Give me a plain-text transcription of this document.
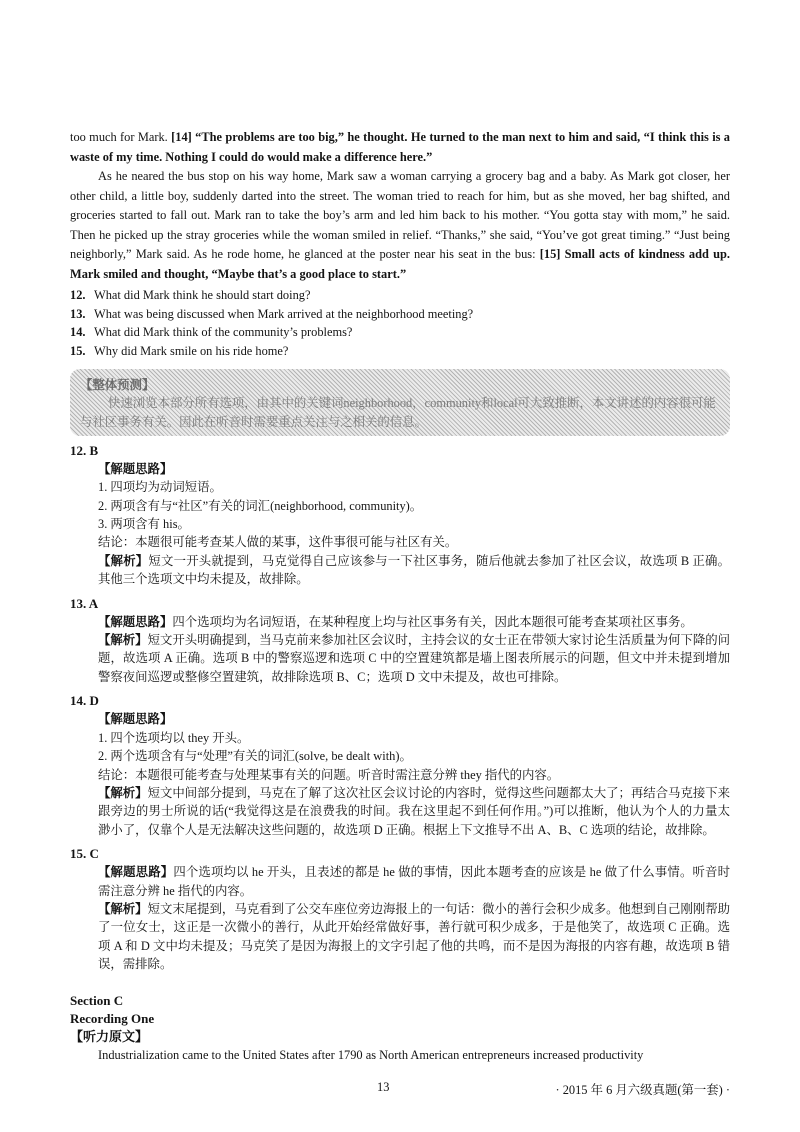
too much for Mark. [14] “The problems are too big,” he thought. He turned to the man next to him and said, “I think this is a waste of my time. Nothing I could do would make a difference here.”

As he neared the bus stop on his way home, Mark saw a woman carrying a grocery bag and a baby. As Mark got closer, her other child, a little boy, suddenly darted into the street. The woman tried to reach for him, but as she moved, her bag shifted, and groceries started to fall out. Mark ran to take the boy’s arm and led him back to his mother. “You gotta stay with mom,” he said. Then he picked up the stray groceries while the woman smiled in relief. “Thanks,” she said, “You’ve got great timing.” “Just being neighborly,” Mark said. As he rode home, he glanced at the poster near his seat in the bus: [15] Small acts of kindness add up. Mark smiled and thought, “Maybe that’s a good place to start.”

12. What did Mark think he should start doing?
13. What was being discussed when Mark arrived at the neighborhood meeting?
14. What did Mark think of the community’s problems?
15. Why did Mark smile on his ride home?
【整体预测】
快速浏览本部分所有选项，由其中的关键词neighborhood，community和local可大致推断，本文讲述的内容很可能与社区事务有关。因此在听音时需要重点关注与之相关的信息。
12. B
【解题思路】
1. 四项均为动词短语。
2. 两项含有与“社区”有关的词汇(neighborhood, community)。
3. 两项含有 his。
结论：本题很可能考查某人做的某事，这件事很可能与社区有关。
【解析】短文一开头就提到，马克觉得自己应该参与一下社区事务，随后他就去参加了社区会议，故选项 B 正确。其他三个选项文中均未提及，故排除。
13. A
【解题思路】四个选项均为名词短语，在某种程度上均与社区事务有关，因此本题很可能考查某项社区事务。
【解析】短文开头明确提到，当马克前来参加社区会议时，主持会议的女士正在带领大家讨论生活质量为何下降的问题，故选项 A 正确。选项 B 中的警察巡逻和选项 C 中的空置建筑都是墙上图表所展示的问题，但文中并未提到增加警察夜间巡逻或整修空置建筑，故排除选项 B、C；选项 D 文中未提及，故也可排除。
14. D
【解题思路】
1. 四个选项均以 they 开头。
2. 两个选项含有与“处理”有关的词汇(solve, be dealt with)。
结论：本题很可能考查与处理某事有关的问题。听音时需注意分辨 they 指代的内容。
【解析】短文中间部分提到，马克在了解了这次社区会议讨论的内容时，觉得这些问题都太大了；再结合马克接下来跟旁边的男士所说的话(“我觉得这是在浪费我的时间。我在这里起不到任何作用。”)可以推断，他认为个人的力量太渺小了，仅靠个人是无法解决这些问题的，故选项 D 正确。根据上下文推导不出 A、B、C 选项的结论，故排除。
15. C
【解题思路】四个选项均以 he 开头，且表述的都是 he 做的事情，因此本题考查的应该是 he 做了什么事情。听音时需注意分辨 he 指代的内容。
【解析】短文末尾提到，马克看到了公交车座位旁边海报上的一句话：微小的善行会积少成多。他想到自己刚刚帮助了一位女士，这正是一次微小的善行，从此开始经常做好事，善行就可积少成多，于是他笑了，故选项 C 正确。选项 A 和 D 文中均未提及；马克笑了是因为海报上的文字引起了他的共鸣，而不是因为海报的内容有趣，故选项 B 错误，需排除。
Section C
Recording One
【听力原文】

Industrialization came to the United States after 1790 as North American entrepreneurs increased productivity

13	· 2015 年 6 月六级真题(第一套) ·
